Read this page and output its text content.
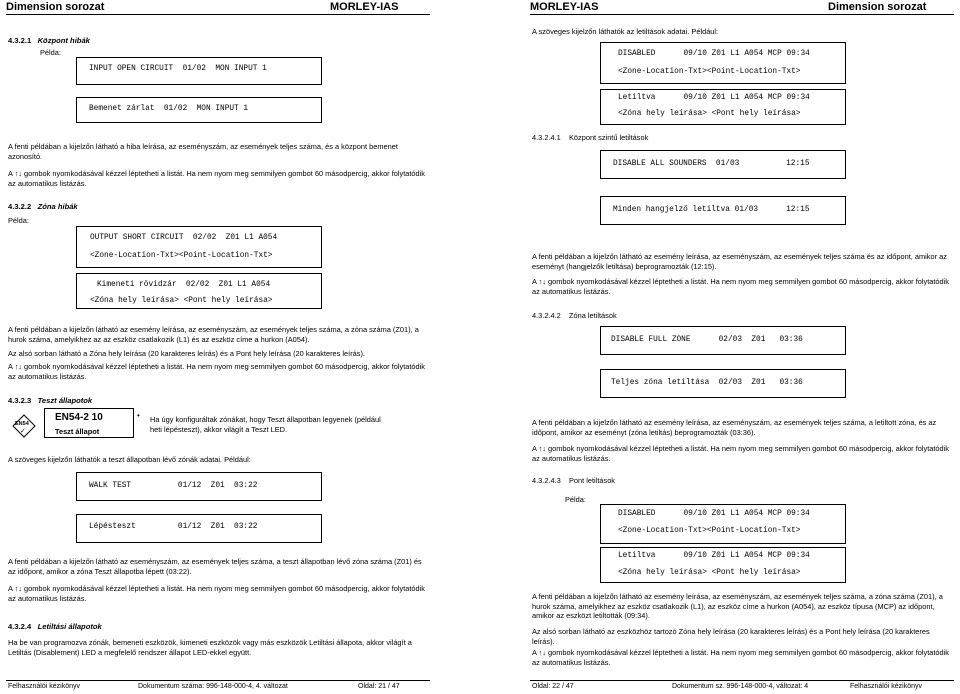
Dimension sorozat	MORLEY-IAS	MORLEY-IAS	Dimension sorozat
4.3.2.1 Központ hibák
Példa:
INPUT OPEN CIRCUIT  01/02  MON INPUT 1
Bemenet zárlat  01/02  MON INPUT 1
A fenti példában a kijelzőn látható a hiba leírása, az eseményszám, az események teljes száma, és a központ bemenet azonosító.
A ↑↓ gombok nyomkodásával kézzel léptetheti a listát. Ha nem nyom meg semmilyen gombot 60 másodpercig, akkor folytatódik az automatikus listázás.
4.3.2.2 Zóna hibák
Példa:
OUTPUT SHORT CIRCUIT  02/02  Z01 L1 A054
<Zone-Location-Txt><Point-Location-Txt>
Kimeneti rövidzár  02/02  Z01 L1 A054
<Zóna hely leírása> <Pont hely leírása>
A fenti példában a kijelzőn látható az esemény leírása, az eseményszám, az események teljes száma, a zóna száma (Z01), a hurok száma, amelyikhez az az eszköz csatlakozik (L1) és az eszköz címe a hurkon (A054).
Az alsó sorban látható a Zóna hely leírása (20 karakteres leírás) és a Pont hely leírása (20 karakteres leírás).
A ↑↓ gombok nyomkodásával kézzel léptetheti a listát. Ha nem nyom meg semmilyen gombot 60 másodpercig, akkor folytatódik az automatikus listázás.
4.3.2.3 Teszt állapotok
EN54
✓
EN54-2 10
Teszt állapot
• Ha úgy konfiguráltak zónákat, hogy Teszt állapotban legyenek (például heti lépésteszt), akkor világít a Teszt LED.
A szöveges kijelzőn láthatók a teszt állapotban lévő zónák adatai. Például:
WALK TEST          01/12  Z01  03:22
Lépésteszt         01/12  Z01  03:22
A fenti példában a kijelzőn látható az eseményszám, az események teljes száma, a teszt állapotban lévő zóna száma (Z01) és az időpont, amikor a zóna Teszt állapotba lépett (03:22).
A ↑↓ gombok nyomkodásával kézzel léptetheti a listát. Ha nem nyom meg semmilyen gombot 60 másodpercig, akkor folytatódik az automatikus listázás.
4.3.2.4 Letiltási állapotok
Ha be van programozva zónák, bemeneti eszközök, kimeneti eszközök vagy más eszközök Letiltási állapota, akkor világít a Letiltás (Disablement) LED a megfelelő rendszer állapot LED-ekkel együtt.
A szöveges kijelzőn láthatók az letiltások adatai. Például:
DISABLED      09/10 Z01 L1 A054 MCP 09:34
<Zone-Location-Txt><Point-Location-Txt>
Letiltva      09/10 Z01 L1 A054 MCP 09:34
<Zóna hely leírása> <Pont hely leírása>
4.3.2.4.1 Központ szintű letiltások
DISABLE ALL SOUNDERS  01/03          12:15
Minden hangjelző letiltva 01/03      12:15
A fenti példában a kijelzőn látható az esemény leírása, az eseményszám, az események teljes száma és az időpont, amikor az eseményt (hangjelzők letiltása) beprogramozták (12:15).
A ↑↓ gombok nyomkodásával kézzel léptetheti a listát. Ha nem nyom meg semmilyen gombot 60 másodpercig, akkor folytatódik az automatikus listázás.
4.3.2.4.2 Zóna letiltások
DISABLE FULL ZONE      02/03  Z01   03:36
Teljes zóna letiltása  02/03  Z01   03:36
A fenti példában a kijelzőn látható az esemény leírása, az eseményszám, az események teljes száma, a letiltott zóna, és az időpont, amikor az eseményt (zóna letiltás) beprogramozták (03:36).
A ↑↓ gombok nyomkodásával kézzel léptetheti a listát. Ha nem nyom meg semmilyen gombot 60 másodpercig, akkor folytatódik az automatikus listázás.
4.3.2.4.3 Pont letiltások
Példa:
DISABLED      09/10 Z01 L1 A054 MCP 09:34
<Zone-Location-Txt><Point-Location-Txt>
Letiltva      09/10 Z01 L1 A054 MCP 09:34
<Zóna hely leírása> <Pont hely leírása>
A fenti példában a kijelzőn látható az esemény leírása, az eseményszám, az események teljes száma, a zóna száma (Z01), a hurok száma, amelyikhez az eszköz csatlakozik (L1), az eszköz címe a hurkon (A054), az eszköz típusa (MCP) az időpont, amikor az eszközt letiltották (09:34).
Az alsó sorban látható az eszközhöz tartozó Zóna hely leírása (20 karakteres leírás) és a Pont hely leírása (20 karakteres leírás).
A ↑↓ gombok nyomkodásával kézzel léptetheti a listát. Ha nem nyom meg semmilyen gombot 60 másodpercig, akkor folytatódik az automatikus listázás.
Felhasználói kézikönyv	Dokumentum száma: 996-148-000-4, 4. változat	Oldal: 21 / 47	Oldal: 22 / 47	Dokumentum sz. 996-148-000-4, változat: 4	Felhasználói kézikönyv
